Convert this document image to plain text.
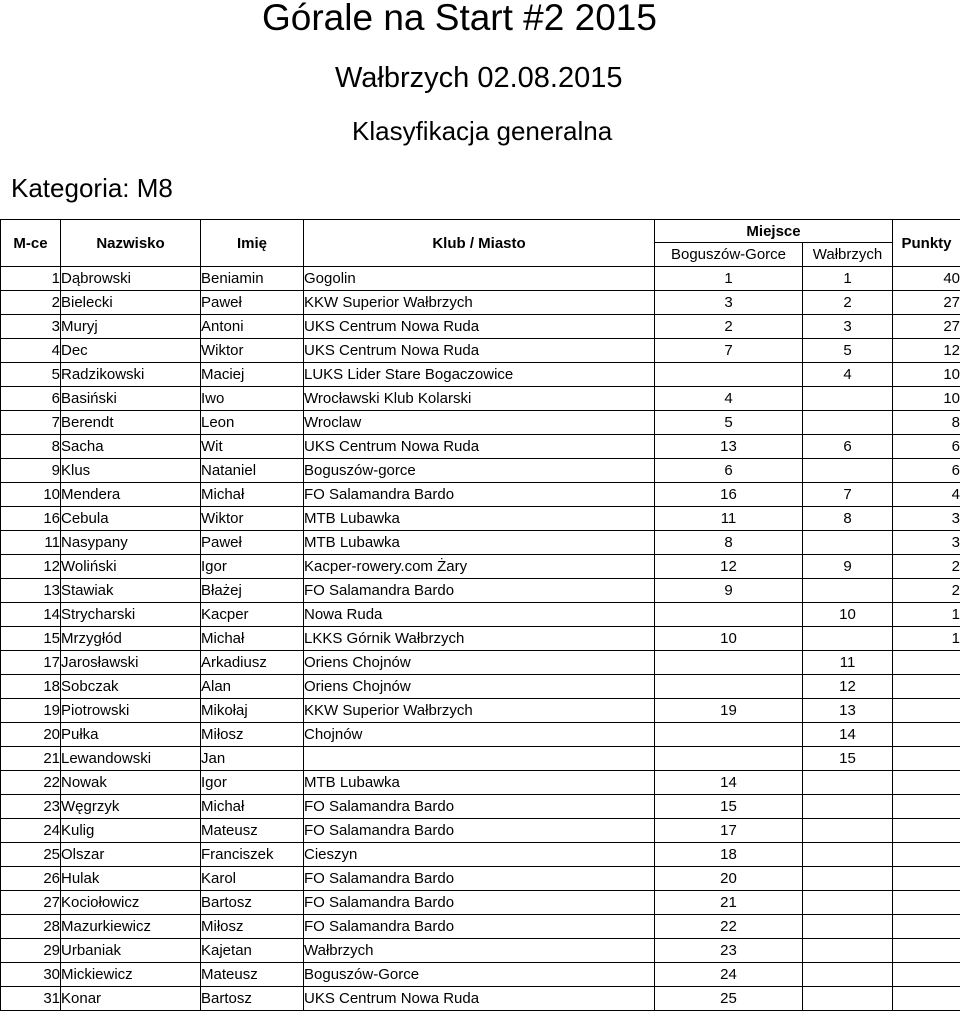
Górale na Start #2 2015
Wałbrzych 02.08.2015
Klasyfikacja generalna
Kategoria: M8
M-ce	Nazwisko	Imię	Klub / Miasto	Miejsce		Punkty
				Boguszów-Gorce	Wałbrzych	
1	Dąbrowski	Beniamin	Gogolin	1	1	40
2	Bielecki	Paweł	KKW Superior Wałbrzych	3	2	27
3	Muryj	Antoni	UKS Centrum Nowa Ruda	2	3	27
4	Dec	Wiktor	UKS Centrum Nowa Ruda	7	5	12
5	Radzikowski	Maciej	LUKS Lider Stare Bogaczowice		4	10
6	Basiński	Iwo	Wrocławski Klub Kolarski	4		10
7	Berendt	Leon	Wroclaw	5		8
8	Sacha	Wit	UKS Centrum Nowa Ruda	13	6	6
9	Klus	Nataniel	Boguszów-gorce	6		6
10	Mendera	Michał	FO Salamandra Bardo	16	7	4
16	Cebula	Wiktor	MTB Lubawka	11	8	3
11	Nasypany	Paweł	MTB Lubawka	8		3
12	Woliński	Igor	Kacper-rowery.com Żary	12	9	2
13	Stawiak	Błażej	FO Salamandra Bardo	9		2
14	Strycharski	Kacper	Nowa Ruda		10	1
15	Mrzygłód	Michał	LKKS Górnik Wałbrzych	10		1
17	Jarosławski	Arkadiusz	Oriens Chojnów		11	
18	Sobczak	Alan	Oriens Chojnów		12	
19	Piotrowski	Mikołaj	KKW Superior Wałbrzych	19	13	
20	Pułka	Miłosz	Chojnów		14	
21	Lewandowski	Jan			15	
22	Nowak	Igor	MTB Lubawka	14		
23	Węgrzyk	Michał	FO Salamandra Bardo	15		
24	Kulig	Mateusz	FO Salamandra Bardo	17		
25	Olszar	Franciszek	Cieszyn	18		
26	Hulak	Karol	FO Salamandra Bardo	20		
27	Kociołowicz	Bartosz	FO Salamandra Bardo	21		
28	Mazurkiewicz	Miłosz	FO Salamandra Bardo	22		
29	Urbaniak	Kajetan	Wałbrzych	23		
30	Mickiewicz	Mateusz	Boguszów-Gorce	24		
31	Konar	Bartosz	UKS Centrum Nowa Ruda	25		
